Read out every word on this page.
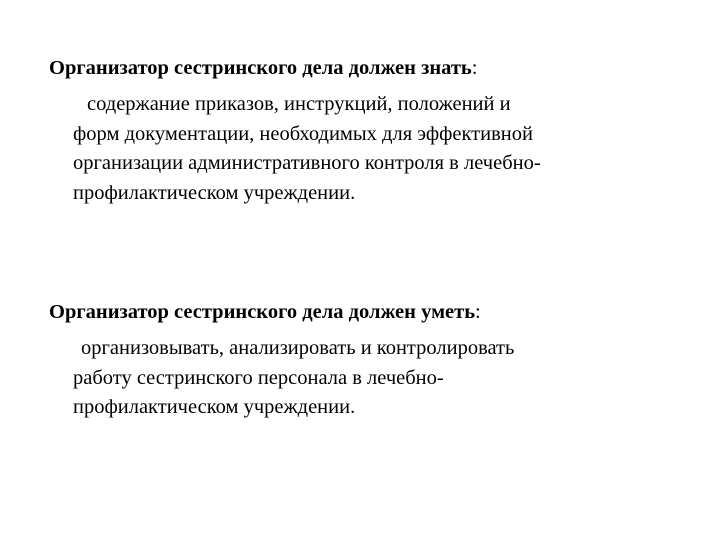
Организатор сестринского дела должен знать:

содержание приказов, инструкций, положений и
форм документации, необходимых для эффективной
организации административного контроля в лечебно-
профилактическом учреждении.

Организатор сестринского дела должен уметь:

организовывать, анализировать и контролировать
работу сестринского персонала в лечебно-
профилактическом учреждении.
